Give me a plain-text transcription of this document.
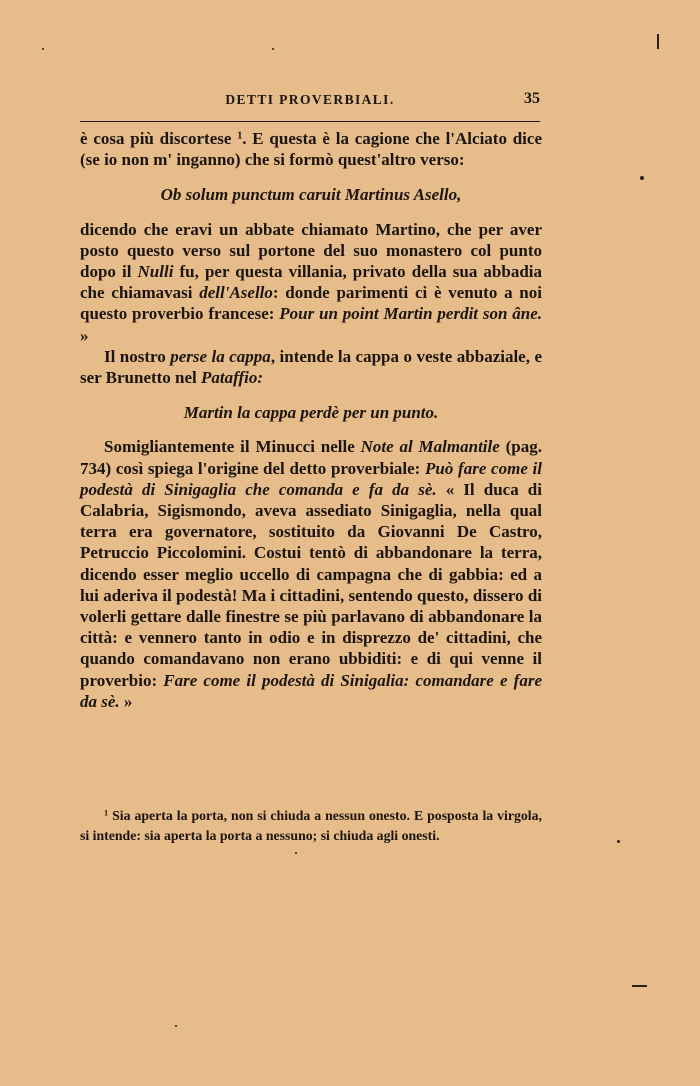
DETTI PROVERBIALI.	35

è cosa più discortese $^1$. E questa è la cagione che l'Alciato dice (se io non m' inganno) che si formò quest'altro verso:

Ob solum punctum caruit Martinus Asello,

dicendo che eravi un abbate chiamato Martino, che per aver posto questo verso sul portone del suo monastero col punto dopo il Nulli fu, per questa villania, privato della sua abbadia che chiamavasi dell'Asello: donde parimenti ci è venuto a noi questo proverbio francese: Pour un point Martin perdit son âne. »

Il nostro perse la cappa, intende la cappa o veste abbaziale, e ser Brunetto nel Pataffio:

Martin la cappa perdè per un punto.

Somigliantemente il Minucci nelle Note al Malmantile (pag. 734) così spiega l'origine del detto proverbiale: Può fare come il podestà di Sinigaglia che comanda e fa da sè. « Il duca di Calabria, Sigismondo, aveva assediato Sinigaglia, nella qual terra era governatore, sostituito da Giovanni De Castro, Petruccio Piccolomini. Costui tentò di abbandonare la terra, dicendo esser meglio uccello di campagna che di gabbia: ed a lui aderiva il podestà! Ma i cittadini, sentendo questo, dissero di volerli gettare dalle finestre se più parlavano di abbandonare la città: e vennero tanto in odio e in disprezzo de' cittadini, che quando comandavano non erano ubbiditi: e di qui venne il proverbio: Fare come il podestà di Sinigalia: comandare e fare da sè. »

$^1$ Sia aperta la porta, non si chiuda a nessun onesto. E posposta la virgola, si intende: sia aperta la porta a nessuno; si chiuda agli onesti.
